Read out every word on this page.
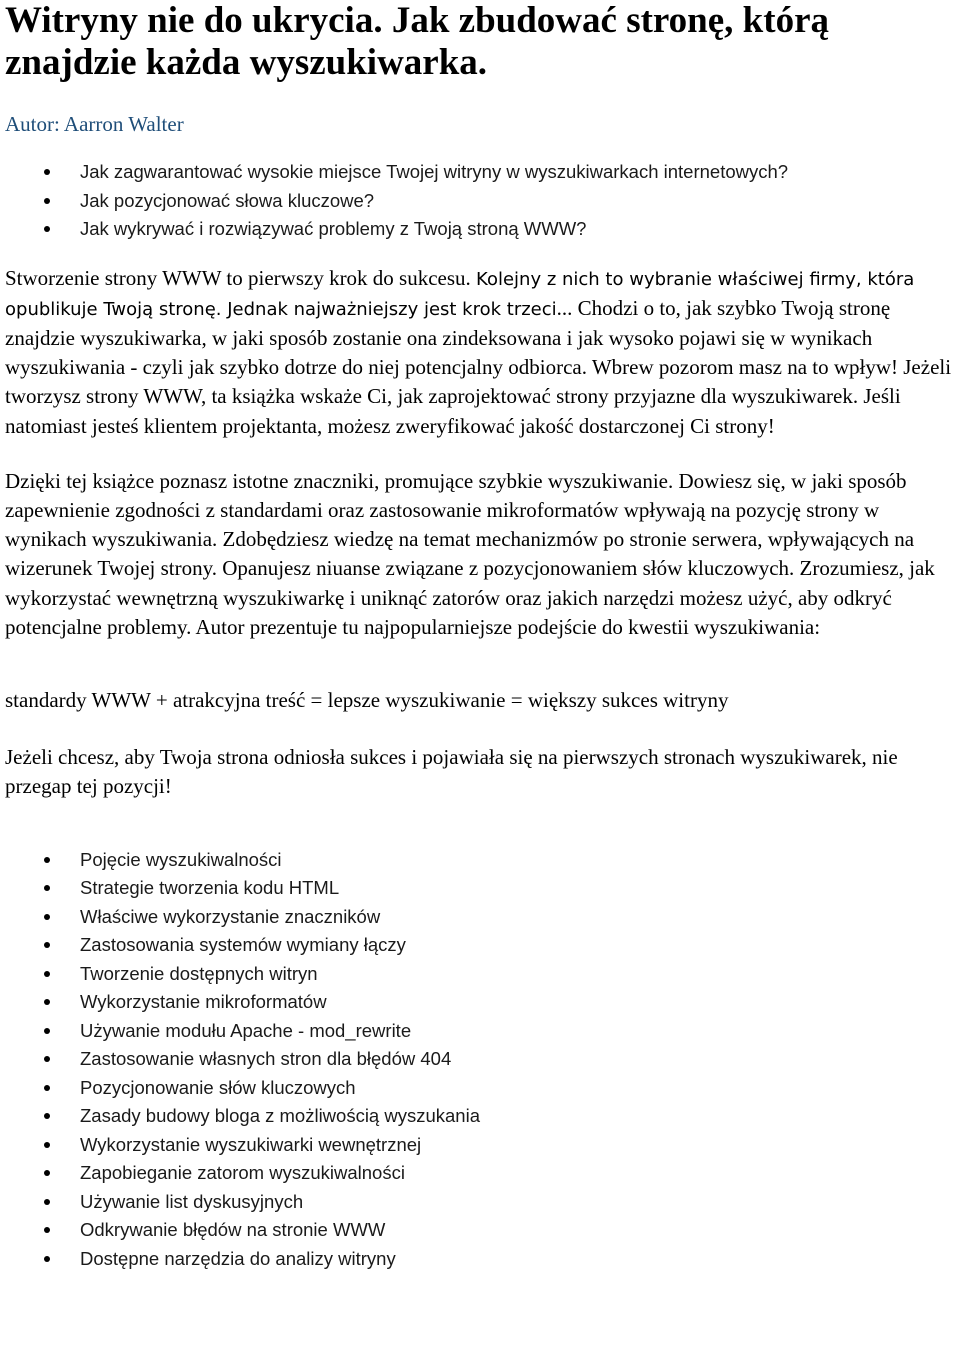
Witryny nie do ukrycia. Jak zbudować stronę, którą znajdzie każda wyszukiwarka.
Autor: Aarron Walter
Jak zagwarantować wysokie miejsce Twojej witryny w wyszukiwarkach internetowych?
Jak pozycjonować słowa kluczowe?
Jak wykrywać i rozwiązywać problemy z Twoją stroną WWW?

Stworzenie strony WWW to pierwszy krok do sukcesu. Kolejny z nich to wybranie właściwej firmy, która opublikuje Twoją stronę. Jednak najważniejszy jest krok trzeci... Chodzi o to, jak szybko Twoją stronę znajdzie wyszukiwarka, w jaki sposób zostanie ona zindeksowana i jak wysoko pojawi się w wynikach wyszukiwania - czyli jak szybko dotrze do niej potencjalny odbiorca. Wbrew pozorom masz na to wpływ! Jeżeli tworzysz strony WWW, ta książka wskaże Ci, jak zaprojektować strony przyjazne dla wyszukiwarek. Jeśli natomiast jesteś klientem projektanta, możesz zweryfikować jakość dostarczonej Ci strony!

Dzięki tej książce poznasz istotne znaczniki, promujące szybkie wyszukiwanie. Dowiesz się, w jaki sposób zapewnienie zgodności z standardami oraz zastosowanie mikroformatów wpływają na pozycję strony w wynikach wyszukiwania. Zdobędziesz wiedzę na temat mechanizmów po stronie serwera, wpływających na wizerunek Twojej strony. Opanujesz niuanse związane z pozycjonowaniem słów kluczowych. Zrozumiesz, jak wykorzystać wewnętrzną wyszukiwarkę i uniknąć zatorów oraz jakich narzędzi możesz użyć, aby odkryć potencjalne problemy. Autor prezentuje tu najpopularniejsze podejście do kwestii wyszukiwania:

standardy WWW + atrakcyjna treść = lepsze wyszukiwanie = większy sukces witryny

Jeżeli chcesz, aby Twoja strona odniosła sukces i pojawiała się na pierwszych stronach wyszukiwarek, nie przegap tej pozycji!

Pojęcie wyszukiwalności
Strategie tworzenia kodu HTML
Właściwe wykorzystanie znaczników
Zastosowania systemów wymiany łączy
Tworzenie dostępnych witryn
Wykorzystanie mikroformatów
Używanie modułu Apache - mod_rewrite
Zastosowanie własnych stron dla błędów 404
Pozycjonowanie słów kluczowych
Zasady budowy bloga z możliwością wyszukania
Wykorzystanie wyszukiwarki wewnętrznej
Zapobieganie zatorom wyszukiwalności
Używanie list dyskusyjnych
Odkrywanie błędów na stronie WWW
Dostępne narzędzia do analizy witryny
